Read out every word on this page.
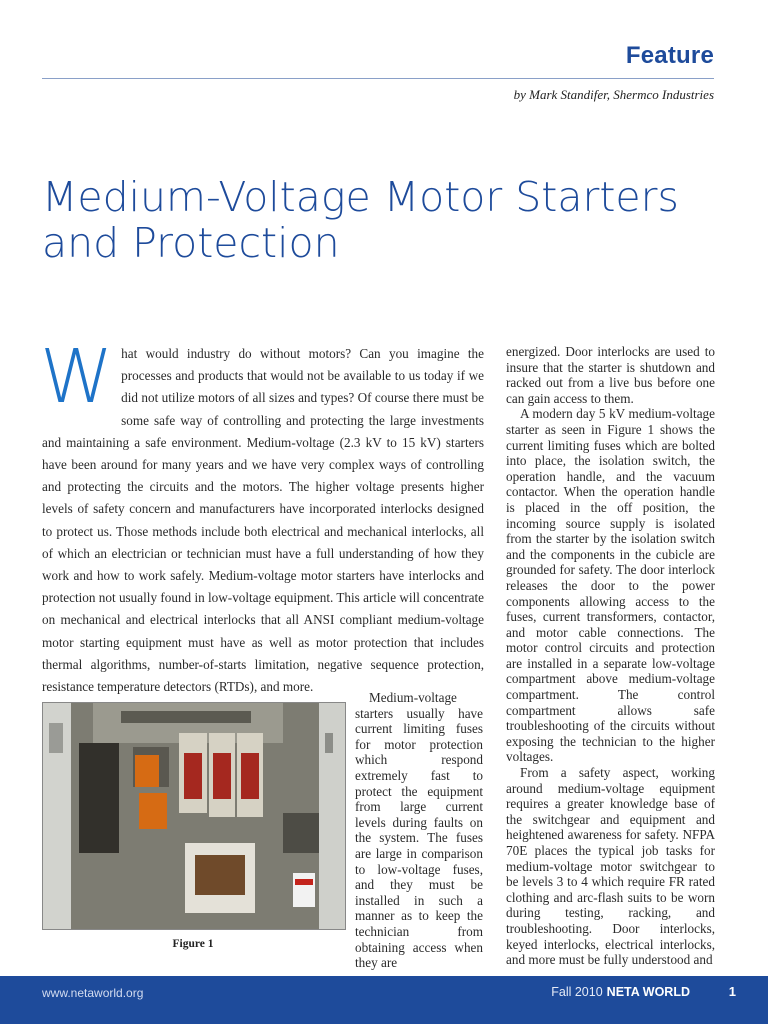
Feature
by Mark Standifer, Shermco Industries
Medium-Voltage Motor Starters
and Protection

What would industry do without motors? Can you imagine the processes and products that would not be available to us today if we did not utilize motors of all sizes and types? Of course there must be some safe way of controlling and protecting the large investments and maintaining a safe environment. Medium-voltage (2.3 kV to 15 kV) starters have been around for many years and we have very complex ways of controlling and protecting the circuits and the motors. The higher voltage presents higher levels of safety concern and manufacturers have incorporated interlocks designed to protect us. Those methods include both electrical and mechanical interlocks, all of which an electrician or technician must have a full understanding of how they work and how to work safely. Medium-voltage motor starters have interlocks and protection not usually found in low-voltage equipment. This article will concentrate on mechanical and electrical interlocks that all ANSI compliant medium-voltage motor starting equipment must have as well as motor protection that includes thermal algorithms, number-of-starts limitation, negative sequence protection, resistance temperature detectors (RTDs), and more.

Figure 1

Medium-voltage starters usually have current limiting fuses for motor protection which respond extremely fast to protect the equipment from large current levels during faults on the system. The fuses are large in comparison to low-voltage fuses, and they must be installed in such a manner as to keep the technician from obtaining access when they are

energized. Door interlocks are used to insure that the starter is shutdown and racked out from a live bus before one can gain access to them.

A modern day 5 kV medium-voltage starter as seen in Figure 1 shows the current limiting fuses which are bolted into place, the isolation switch, the operation handle, and the vacuum contactor. When the operation handle is placed in the off position, the incoming source supply is isolated from the starter by the isolation switch and the components in the cubicle are grounded for safety. The door interlock releases the door to the power components allowing access to the fuses, current transformers, contactor, and motor cable connections. The motor control circuits and protection are installed in a separate low-voltage compartment above medium-voltage compartment. The control compartment allows safe troubleshooting of the circuits without exposing the technician to the higher voltages.

From a safety aspect, working around medium-voltage equipment requires a greater knowledge base of the switchgear and equipment and heightened awareness for safety. NFPA 70E places the typical job tasks for medium-voltage motor switchgear to be levels 3 to 4 which require FR rated clothing and arc-flash suits to be worn during testing, racking, and troubleshooting. Door interlocks, keyed interlocks, electrical interlocks, and more must be fully understood and

www.netaworld.org	Fall 2010 NETA WORLD	1
